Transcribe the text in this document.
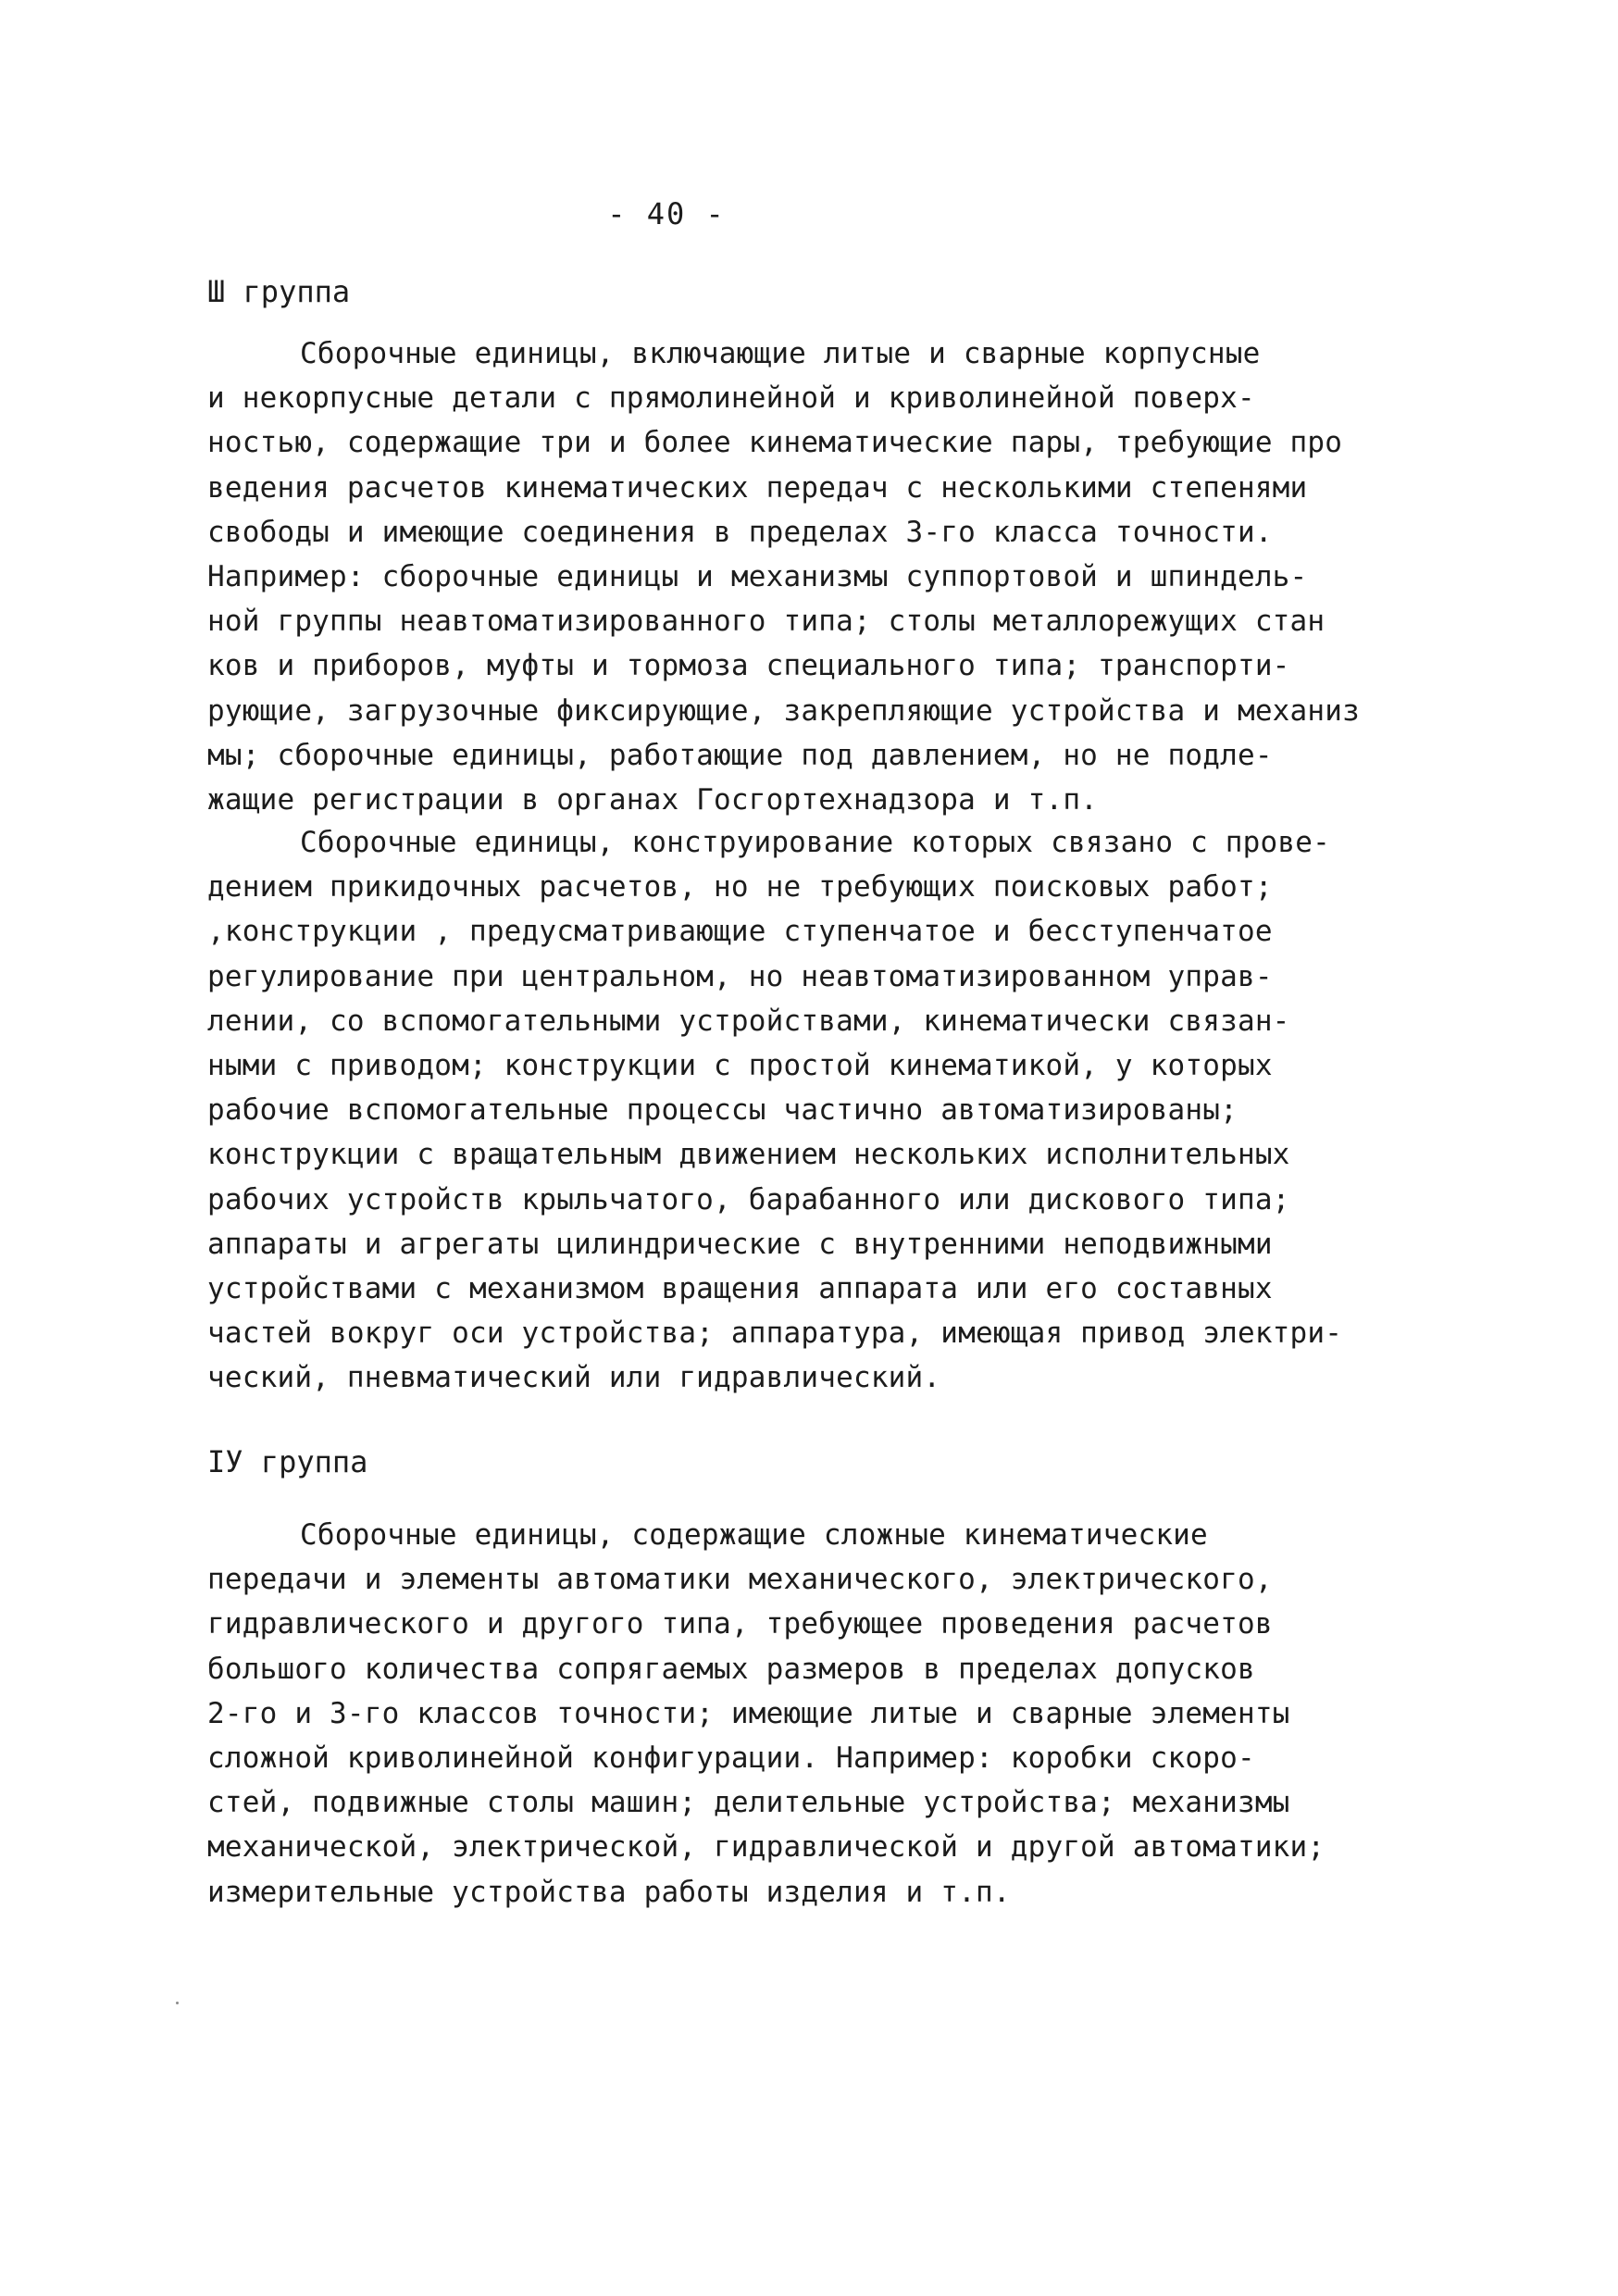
- 40 -
Ш группа
Сборочные единицы, включающие литые и сварные корпусные
и некорпусные детали с прямолинейной и криволинейной поверх-
ностью, содержащие три и более кинематические пары, требующие про
ведения расчетов кинематических передач с несколькими степенями
свободы и имеющие соединения в пределах 3-го класса точности.
Например: сборочные единицы и механизмы суппортовой и шпиндель-
ной группы неавтоматизированного типа; столы металлорежущих стан
ков и приборов, муфты и тормоза специального типа; транспорти-
рующие, загрузочные фиксирующие, закрепляющие устройства и механиз
мы; сборочные единицы, работающие под давлением, но не подле-
жащие регистрации в органах Госгортехнадзора и т.п.
Сборочные единицы, конструирование которых связано с прове-
дением прикидочных расчетов, но не требующих поисковых работ;
,конструкции , предусматривающие ступенчатое и бесступенчатое
регулирование при центральном, но неавтоматизированном управ-
лении, со вспомогательными устройствами, кинематически связан-
ными с приводом; конструкции с простой кинематикой, у которых
рабочие вспомогательные процессы частично автоматизированы;
конструкции с вращательным движением нескольких исполнительных
рабочих устройств крыльчатого, барабанного или дискового типа;
аппараты и агрегаты цилиндрические с внутренними неподвижными
устройствами с механизмом вращения аппарата или его составных
частей вокруг оси устройства; аппаратура, имеющая привод электри-
ческий, пневматический или гидравлический.
IУ группа
Сборочные единицы, содержащие сложные кинематические
передачи и элементы автоматики механического, электрического,
гидравлического и другого типа, требующее проведения расчетов
большого количества сопрягаемых размеров в пределах допусков
2-го и 3-го классов точности; имеющие литые и сварные элементы
сложной криволинейной конфигурации. Например: коробки скоро-
стей, подвижные столы машин; делительные устройства; механизмы
механической, электрической, гидравлической и другой автоматики;
измерительные устройства работы изделия и т.п.
